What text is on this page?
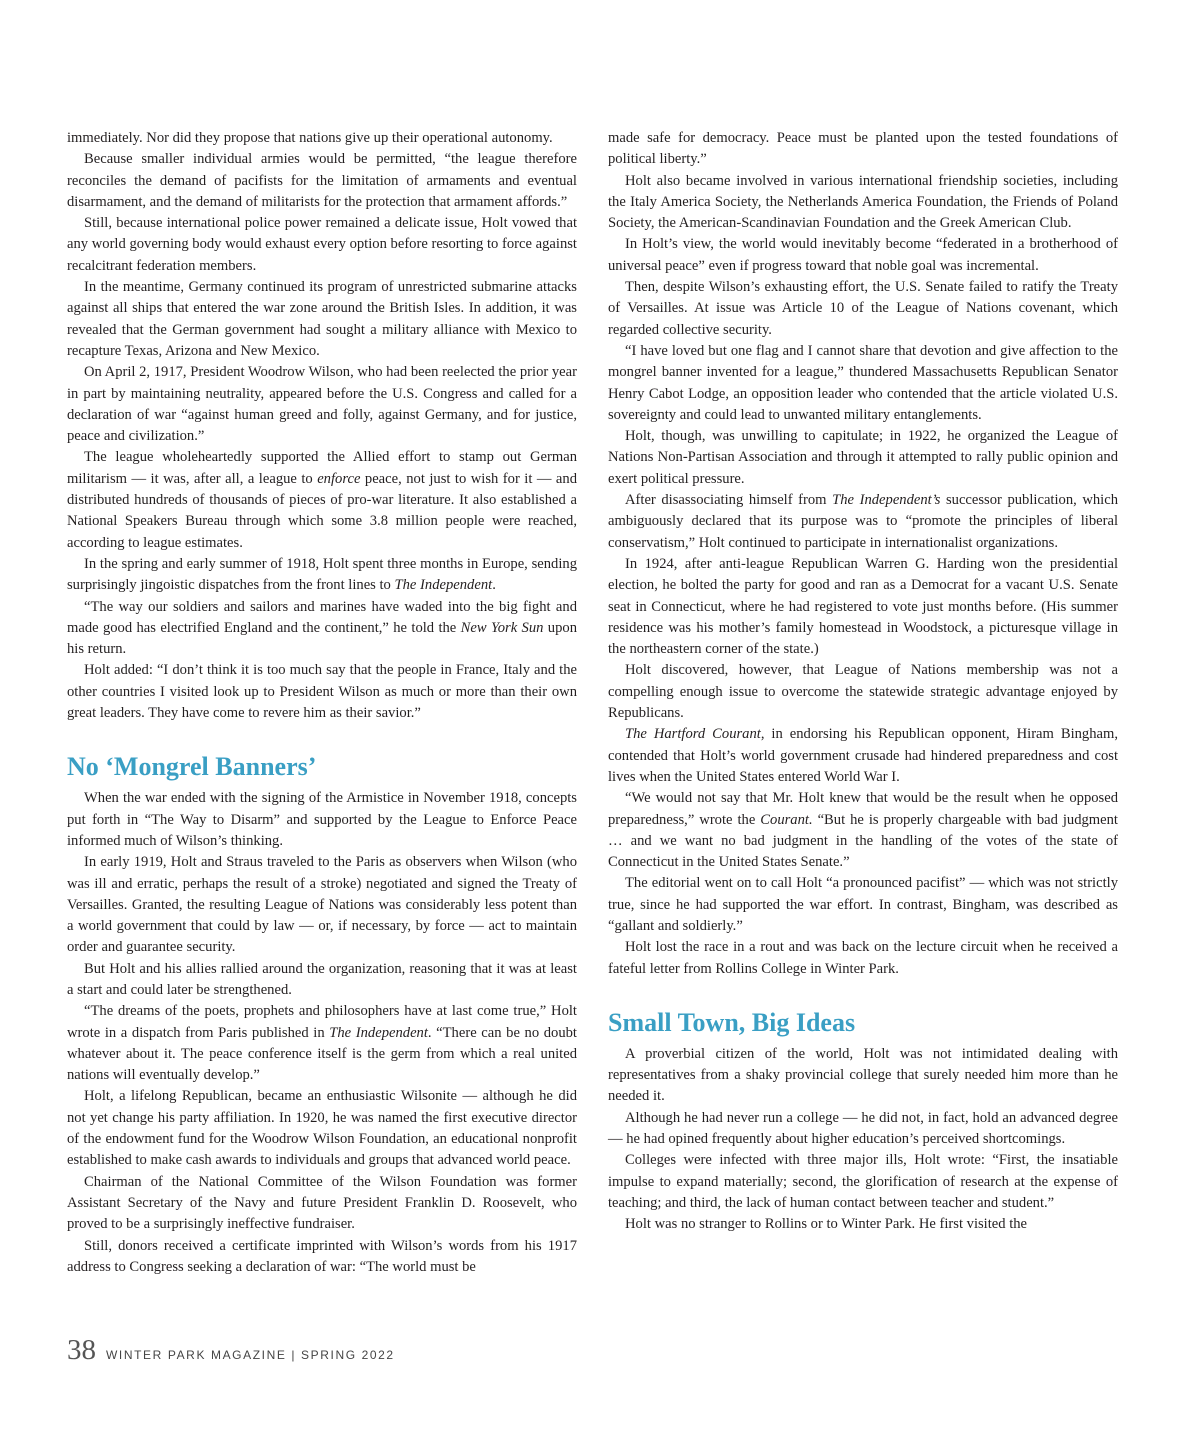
immediately. Nor did they propose that nations give up their operational autonomy.

Because smaller individual armies would be permitted, “the league therefore reconciles the demand of pacifists for the limitation of armaments and eventual disarmament, and the demand of militarists for the protection that armament affords.”

Still, because international police power remained a delicate issue, Holt vowed that any world governing body would exhaust every option before resorting to force against recalcitrant federation members.

In the meantime, Germany continued its program of unrestricted submarine attacks against all ships that entered the war zone around the British Isles. In addition, it was revealed that the German government had sought a military alliance with Mexico to recapture Texas, Arizona and New Mexico.

On April 2, 1917, President Woodrow Wilson, who had been reelected the prior year in part by maintaining neutrality, appeared before the U.S. Congress and called for a declaration of war “against human greed and folly, against Germany, and for justice, peace and civilization.”

The league wholeheartedly supported the Allied effort to stamp out German militarism — it was, after all, a league to enforce peace, not just to wish for it — and distributed hundreds of thousands of pieces of pro-war literature. It also established a National Speakers Bureau through which some 3.8 million people were reached, according to league estimates.

In the spring and early summer of 1918, Holt spent three months in Europe, sending surprisingly jingoistic dispatches from the front lines to The Independent.

“The way our soldiers and sailors and marines have waded into the big fight and made good has electrified England and the continent,” he told the New York Sun upon his return.

Holt added: “I don’t think it is too much say that the people in France, Italy and the other countries I visited look up to President Wilson as much or more than their own great leaders. They have come to revere him as their savior.”

No ‘Mongrel Banners’

When the war ended with the signing of the Armistice in November 1918, concepts put forth in “The Way to Disarm” and supported by the League to Enforce Peace informed much of Wilson’s thinking.

In early 1919, Holt and Straus traveled to the Paris as observers when Wilson (who was ill and erratic, perhaps the result of a stroke) negotiated and signed the Treaty of Versailles. Granted, the resulting League of Nations was considerably less potent than a world government that could by law — or, if necessary, by force — act to maintain order and guarantee security.

But Holt and his allies rallied around the organization, reasoning that it was at least a start and could later be strengthened.

“The dreams of the poets, prophets and philosophers have at last come true,” Holt wrote in a dispatch from Paris published in The Independent. “There can be no doubt whatever about it. The peace conference itself is the germ from which a real united nations will eventually develop.”

Holt, a lifelong Republican, became an enthusiastic Wilsonite — although he did not yet change his party affiliation. In 1920, he was named the first executive director of the endowment fund for the Woodrow Wilson Foundation, an educational nonprofit established to make cash awards to individuals and groups that advanced world peace.

Chairman of the National Committee of the Wilson Foundation was former Assistant Secretary of the Navy and future President Franklin D. Roosevelt, who proved to be a surprisingly ineffective fundraiser.

Still, donors received a certificate imprinted with Wilson’s words from his 1917 address to Congress seeking a declaration of war: “The world must be

made safe for democracy. Peace must be planted upon the tested foundations of political liberty.”

Holt also became involved in various international friendship societies, including the Italy America Society, the Netherlands America Foundation, the Friends of Poland Society, the American-Scandinavian Foundation and the Greek American Club.

In Holt’s view, the world would inevitably become “federated in a brotherhood of universal peace” even if progress toward that noble goal was incremental.

Then, despite Wilson’s exhausting effort, the U.S. Senate failed to ratify the Treaty of Versailles. At issue was Article 10 of the League of Nations covenant, which regarded collective security.

“I have loved but one flag and I cannot share that devotion and give affection to the mongrel banner invented for a league,” thundered Massachusetts Republican Senator Henry Cabot Lodge, an opposition leader who contended that the article violated U.S. sovereignty and could lead to unwanted military entanglements.

Holt, though, was unwilling to capitulate; in 1922, he organized the League of Nations Non-Partisan Association and through it attempted to rally public opinion and exert political pressure.

After disassociating himself from The Independent’s successor publication, which ambiguously declared that its purpose was to “promote the principles of liberal conservatism,” Holt continued to participate in internationalist organizations.

In 1924, after anti-league Republican Warren G. Harding won the presidential election, he bolted the party for good and ran as a Democrat for a vacant U.S. Senate seat in Connecticut, where he had registered to vote just months before. (His summer residence was his mother’s family homestead in Woodstock, a picturesque village in the northeastern corner of the state.)

Holt discovered, however, that League of Nations membership was not a compelling enough issue to overcome the statewide strategic advantage enjoyed by Republicans.

The Hartford Courant, in endorsing his Republican opponent, Hiram Bingham, contended that Holt’s world government crusade had hindered preparedness and cost lives when the United States entered World War I.

“We would not say that Mr. Holt knew that would be the result when he opposed preparedness,” wrote the Courant. “But he is properly chargeable with bad judgment … and we want no bad judgment in the handling of the votes of the state of Connecticut in the United States Senate.”

The editorial went on to call Holt “a pronounced pacifist” — which was not strictly true, since he had supported the war effort. In contrast, Bingham, was described as “gallant and soldierly.”

Holt lost the race in a rout and was back on the lecture circuit when he received a fateful letter from Rollins College in Winter Park.

Small Town, Big Ideas

A proverbial citizen of the world, Holt was not intimidated dealing with representatives from a shaky provincial college that surely needed him more than he needed it.

Although he had never run a college — he did not, in fact, hold an advanced degree — he had opined frequently about higher education’s perceived shortcomings.

Colleges were infected with three major ills, Holt wrote: “First, the insatiable impulse to expand materially; second, the glorification of research at the expense of teaching; and third, the lack of human contact between teacher and student.”

Holt was no stranger to Rollins or to Winter Park. He first visited the

38 WINTER PARK MAGAZINE | SPRING 2022
